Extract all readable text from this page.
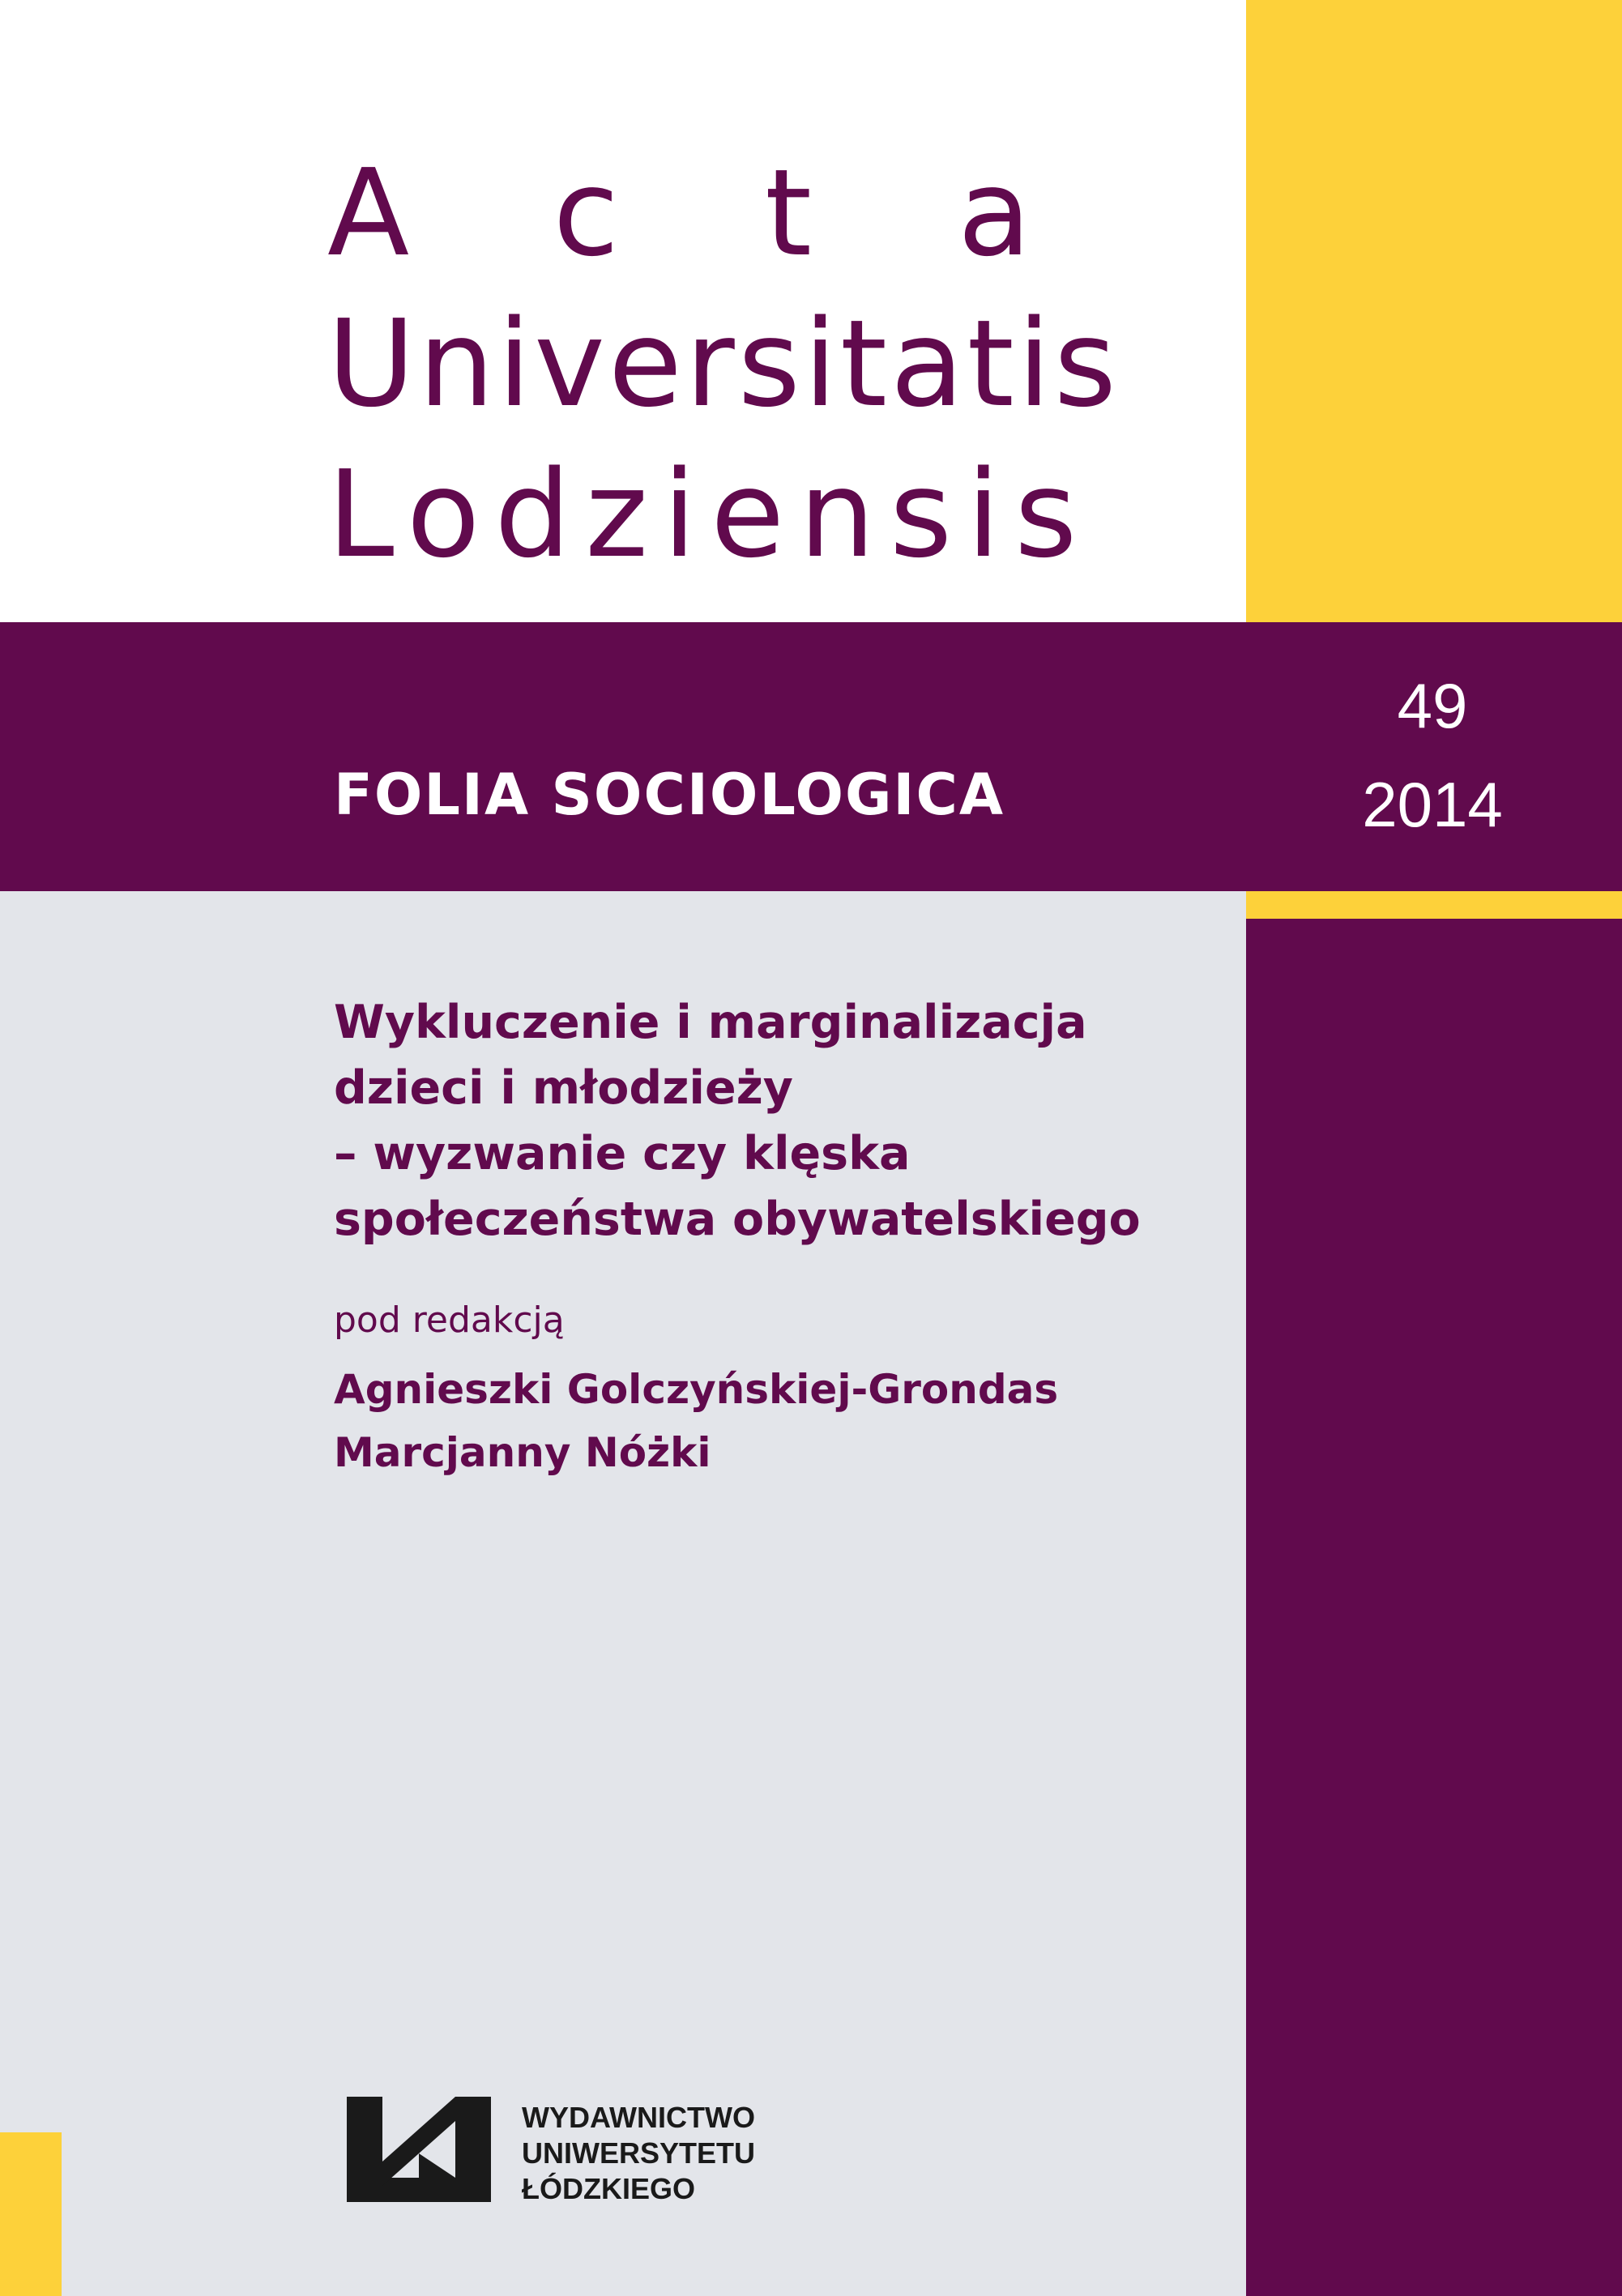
Acta
Universitatis
Lodziensis
FOLIA SOCIOLOGICA
49
2014
Wykluczenie i marginalizacja
dzieci i młodzieży
– wyzwanie czy klęska
społeczeństwa obywatelskiego
pod redakcją
Agnieszki Golczyńskiej-Grondas
Marcjanny Nóżki
WYDAWNICTWO
UNIWERSYTETU
ŁÓDZKIEGO
